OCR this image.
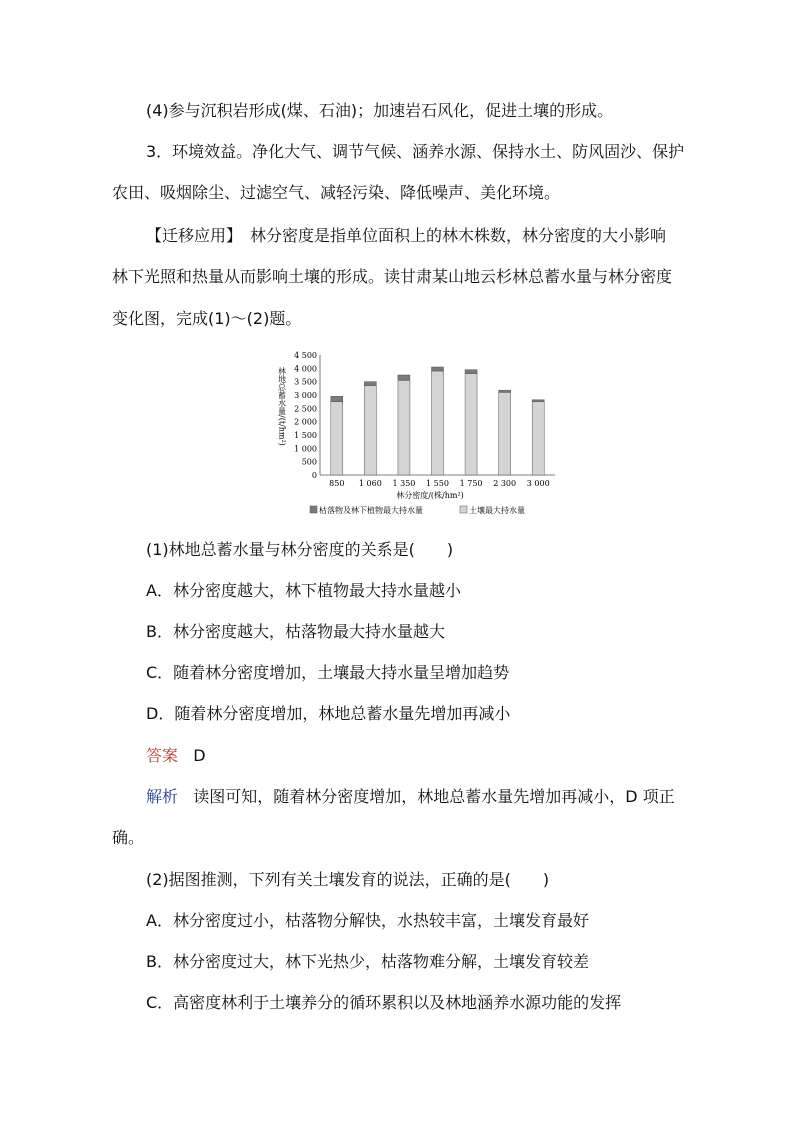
(4)参与沉积岩形成(煤、石油)；加速岩石风化，促进土壤的形成。
3．环境效益。净化大气、调节气候、涵养水源、保持水土、防风固沙、保护
农田、吸烟除尘、过滤空气、减轻污染、降低噪声、美化环境。
【迁移应用】　林分密度是指单位面积上的林木株数，林分密度的大小影响
林下光照和热量从而影响土壤的形成。读甘肃某山地云杉林总蓄水量与林分密度
变化图，完成(1)～(2)题。
林地总蓄水量/(t/hm²)
4 500
4 000
3 500
3 000
2 500
2 000
1 500
1 000
500
0
850 1 060 1 350 1 550 1 750 2 300 3 000
林分密度/(株/hm²)
枯落物及林下植物最大持水量	土壤最大持水量
(1)林地总蓄水量与林分密度的关系是(　　)
A．林分密度越大，林下植物最大持水量越小
B．林分密度越大，枯落物最大持水量越大
C．随着林分密度增加，土壤最大持水量呈增加趋势
D．随着林分密度增加，林地总蓄水量先增加再减小
答案 D
解析 读图可知，随着林分密度增加，林地总蓄水量先增加再减小，D 项正
确。
(2)据图推测，下列有关土壤发育的说法，正确的是(　　)
A．林分密度过小，枯落物分解快，水热较丰富，土壤发育最好
B．林分密度过大，林下光热少，枯落物难分解，土壤发育较差
C．高密度林利于土壤养分的循环累积以及林地涵养水源功能的发挥
